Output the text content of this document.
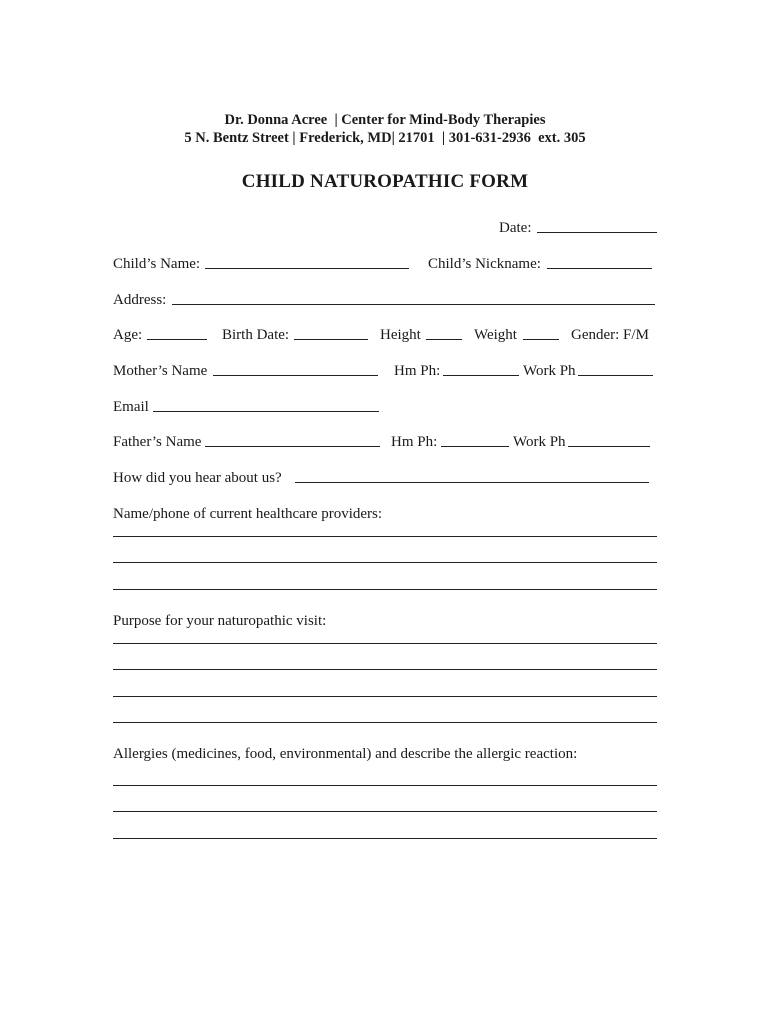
Dr. Donna Acree  | Center for Mind-Body Therapies
5 N. Bentz Street | Frederick, MD| 21701  | 301-631-2936  ext. 305
CHILD NATUROPATHIC FORM
Date:
Child’s Name:	Child’s Nickname:
Address:
Age:	Birth Date:	Height	Weight	Gender: F/M
Mother’s Name	Hm Ph:	Work Ph
Email
Father’s Name	Hm Ph:	Work Ph
How did you hear about us?
Name/phone of current healthcare providers:
Purpose for your naturopathic visit:
Allergies (medicines, food, environmental) and describe the allergic reaction:
